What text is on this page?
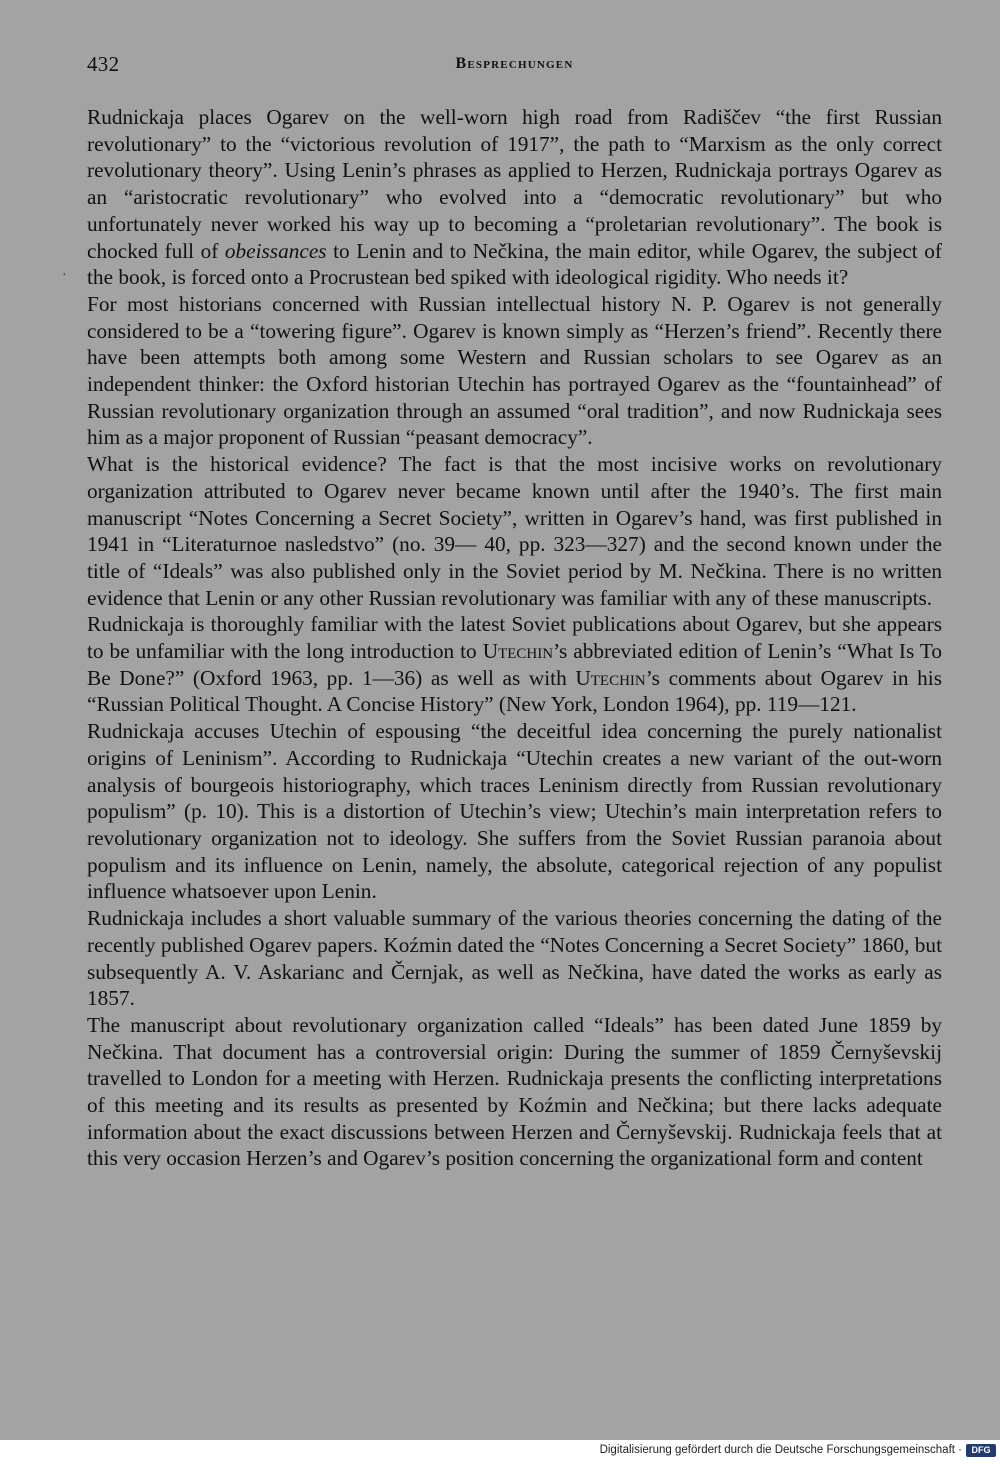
432	Besprechungen
·

Rudnickaja places Ogarev on the well-worn high road from Radiščev “the first Russian revolutionary” to the “victorious revolution of 1917”, the path to “Marxism as the only correct revolutionary theory”. Using Lenin’s phrases as applied to Herzen, Rudnickaja portrays Ogarev as an “aristocratic revolutionary” who evolved into a “democratic revolutionary” but who unfortunately never worked his way up to becoming a “proletarian revolutionary”. The book is chocked full of obeissances to Lenin and to Nečkina, the main editor, while Ogarev, the subject of the book, is forced onto a Procrustean bed spiked with ideological rigidity. Who needs it?

For most historians concerned with Russian intellectual history N. P. Ogarev is not generally considered to be a “towering figure”. Ogarev is known simply as “Herzen’s friend”. Recently there have been attempts both among some Western and Russian scholars to see Ogarev as an independent thinker: the Oxford historian Utechin has portrayed Ogarev as the “fountainhead” of Russian revolutionary organization through an assumed “oral tradition”, and now Rudnickaja sees him as a major proponent of Russian “peasant democracy”.

What is the historical evidence? The fact is that the most incisive works on revolutionary organization attributed to Ogarev never became known until after the 1940’s. The first main manuscript “Notes Concerning a Secret Society”, written in Ogarev’s hand, was first published in 1941 in “Literaturnoe nasledstvo” (no. 39— 40, pp. 323—327) and the second known under the title of “Ideals” was also published only in the Soviet period by M. Nečkina. There is no written evidence that Lenin or any other Russian revolutionary was familiar with any of these manuscripts.

Rudnickaja is thoroughly familiar with the latest Soviet publications about Ogarev, but she appears to be unfamiliar with the long introduction to Utechin’s abbreviated edition of Lenin’s “What Is To Be Done?” (Oxford 1963, pp. 1—36) as well as with Utechin’s comments about Ogarev in his “Russian Political Thought. A Concise History” (New York, London 1964), pp. 119—121.

Rudnickaja accuses Utechin of espousing “the deceitful idea concerning the purely nationalist origins of Leninism”. According to Rudnickaja “Utechin creates a new variant of the out-worn analysis of bourgeois historiography, which traces Leninism directly from Russian revolutionary populism” (p. 10). This is a distortion of Utechin’s view; Utechin’s main interpretation refers to revolutionary organization not to ideology. She suffers from the Soviet Russian paranoia about populism and its influence on Lenin, namely, the absolute, categorical rejection of any populist influence whatsoever upon Lenin.

Rudnickaja includes a short valuable summary of the various theories concerning the dating of the recently published Ogarev papers. Koźmin dated the “Notes Concerning a Secret Society” 1860, but subsequently A. V. Askarianc and Černjak, as well as Nečkina, have dated the works as early as 1857.

The manuscript about revolutionary organization called “Ideals” has been dated June 1859 by Nečkina. That document has a controversial origin: During the summer of 1859 Černyševskij travelled to London for a meeting with Herzen. Rudnickaja presents the conflicting interpretations of this meeting and its results as presented by Koźmin and Nečkina; but there lacks adequate information about the exact discussions between Herzen and Černyševskij. Rudnickaja feels that at this very occasion Herzen’s and Ogarev’s position concerning the organizational form and content

Digitalisierung gefördert durch die Deutsche Forschungsgemeinschaft ·	DFG
